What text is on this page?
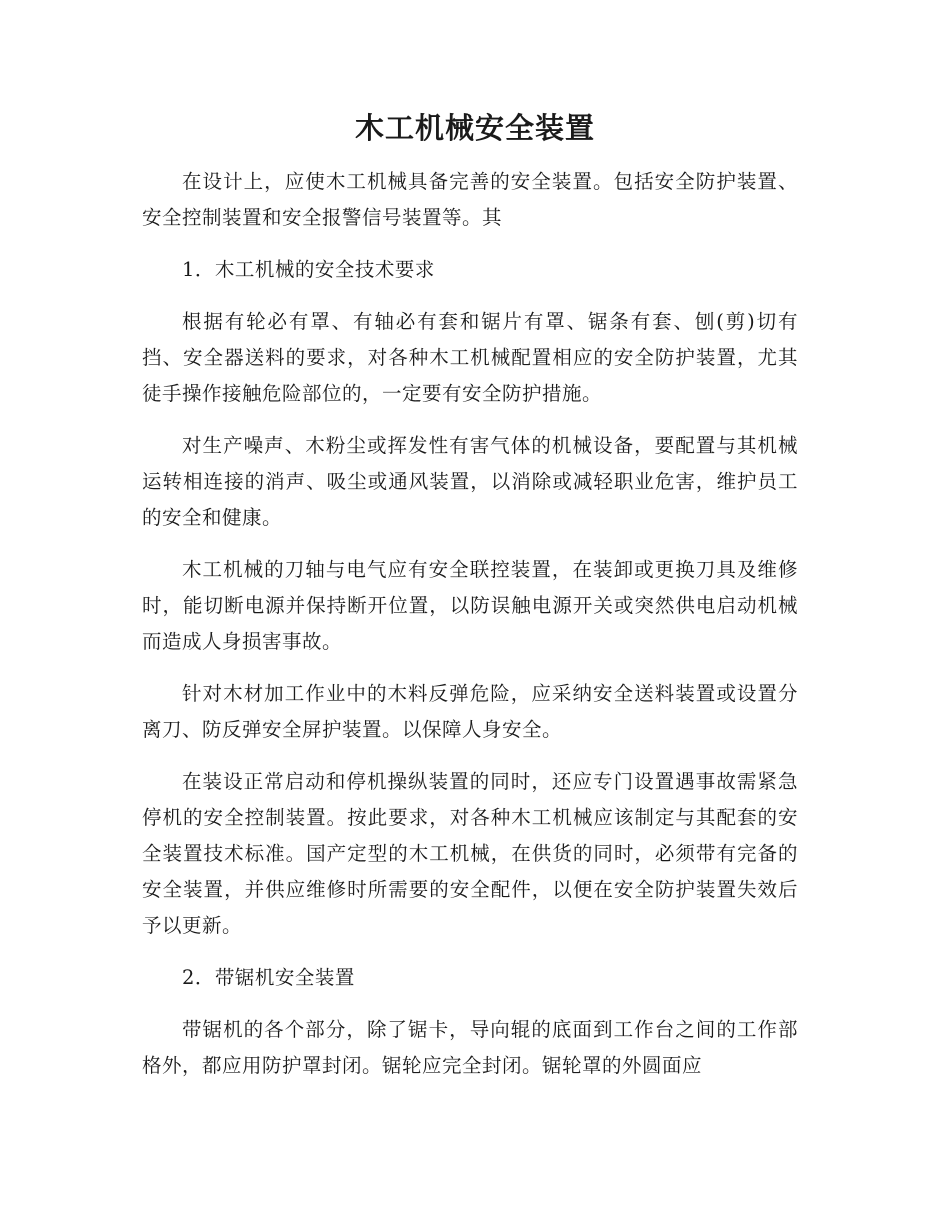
木工机械安全装置

在设计上，应使木工机械具备完善的安全装置。包括安全防护装置、安全控制装置和安全报警信号装置等。其

1．木工机械的安全技术要求

根据有轮必有罩、有轴必有套和锯片有罩、锯条有套、刨(剪)切有挡、安全器送料的要求，对各种木工机械配置相应的安全防护装置，尤其徒手操作接触危险部位的，一定要有安全防护措施。

对生产噪声、木粉尘或挥发性有害气体的机械设备，要配置与其机械运转相连接的消声、吸尘或通风装置，以消除或减轻职业危害，维护员工的安全和健康。

木工机械的刀轴与电气应有安全联控装置，在装卸或更换刀具及维修时，能切断电源并保持断开位置，以防误触电源开关或突然供电启动机械而造成人身损害事故。

针对木材加工作业中的木料反弹危险，应采纳安全送料装置或设置分离刀、防反弹安全屏护装置。以保障人身安全。

在装设正常启动和停机操纵装置的同时，还应专门设置遇事故需紧急停机的安全控制装置。按此要求，对各种木工机械应该制定与其配套的安全装置技术标准。国产定型的木工机械，在供货的同时，必须带有完备的安全装置，并供应维修时所需要的安全配件，以便在安全防护装置失效后予以更新。

2．带锯机安全装置

带锯机的各个部分，除了锯卡，导向辊的底面到工作台之间的工作部格外，都应用防护罩封闭。锯轮应完全封闭。锯轮罩的外圆面应
